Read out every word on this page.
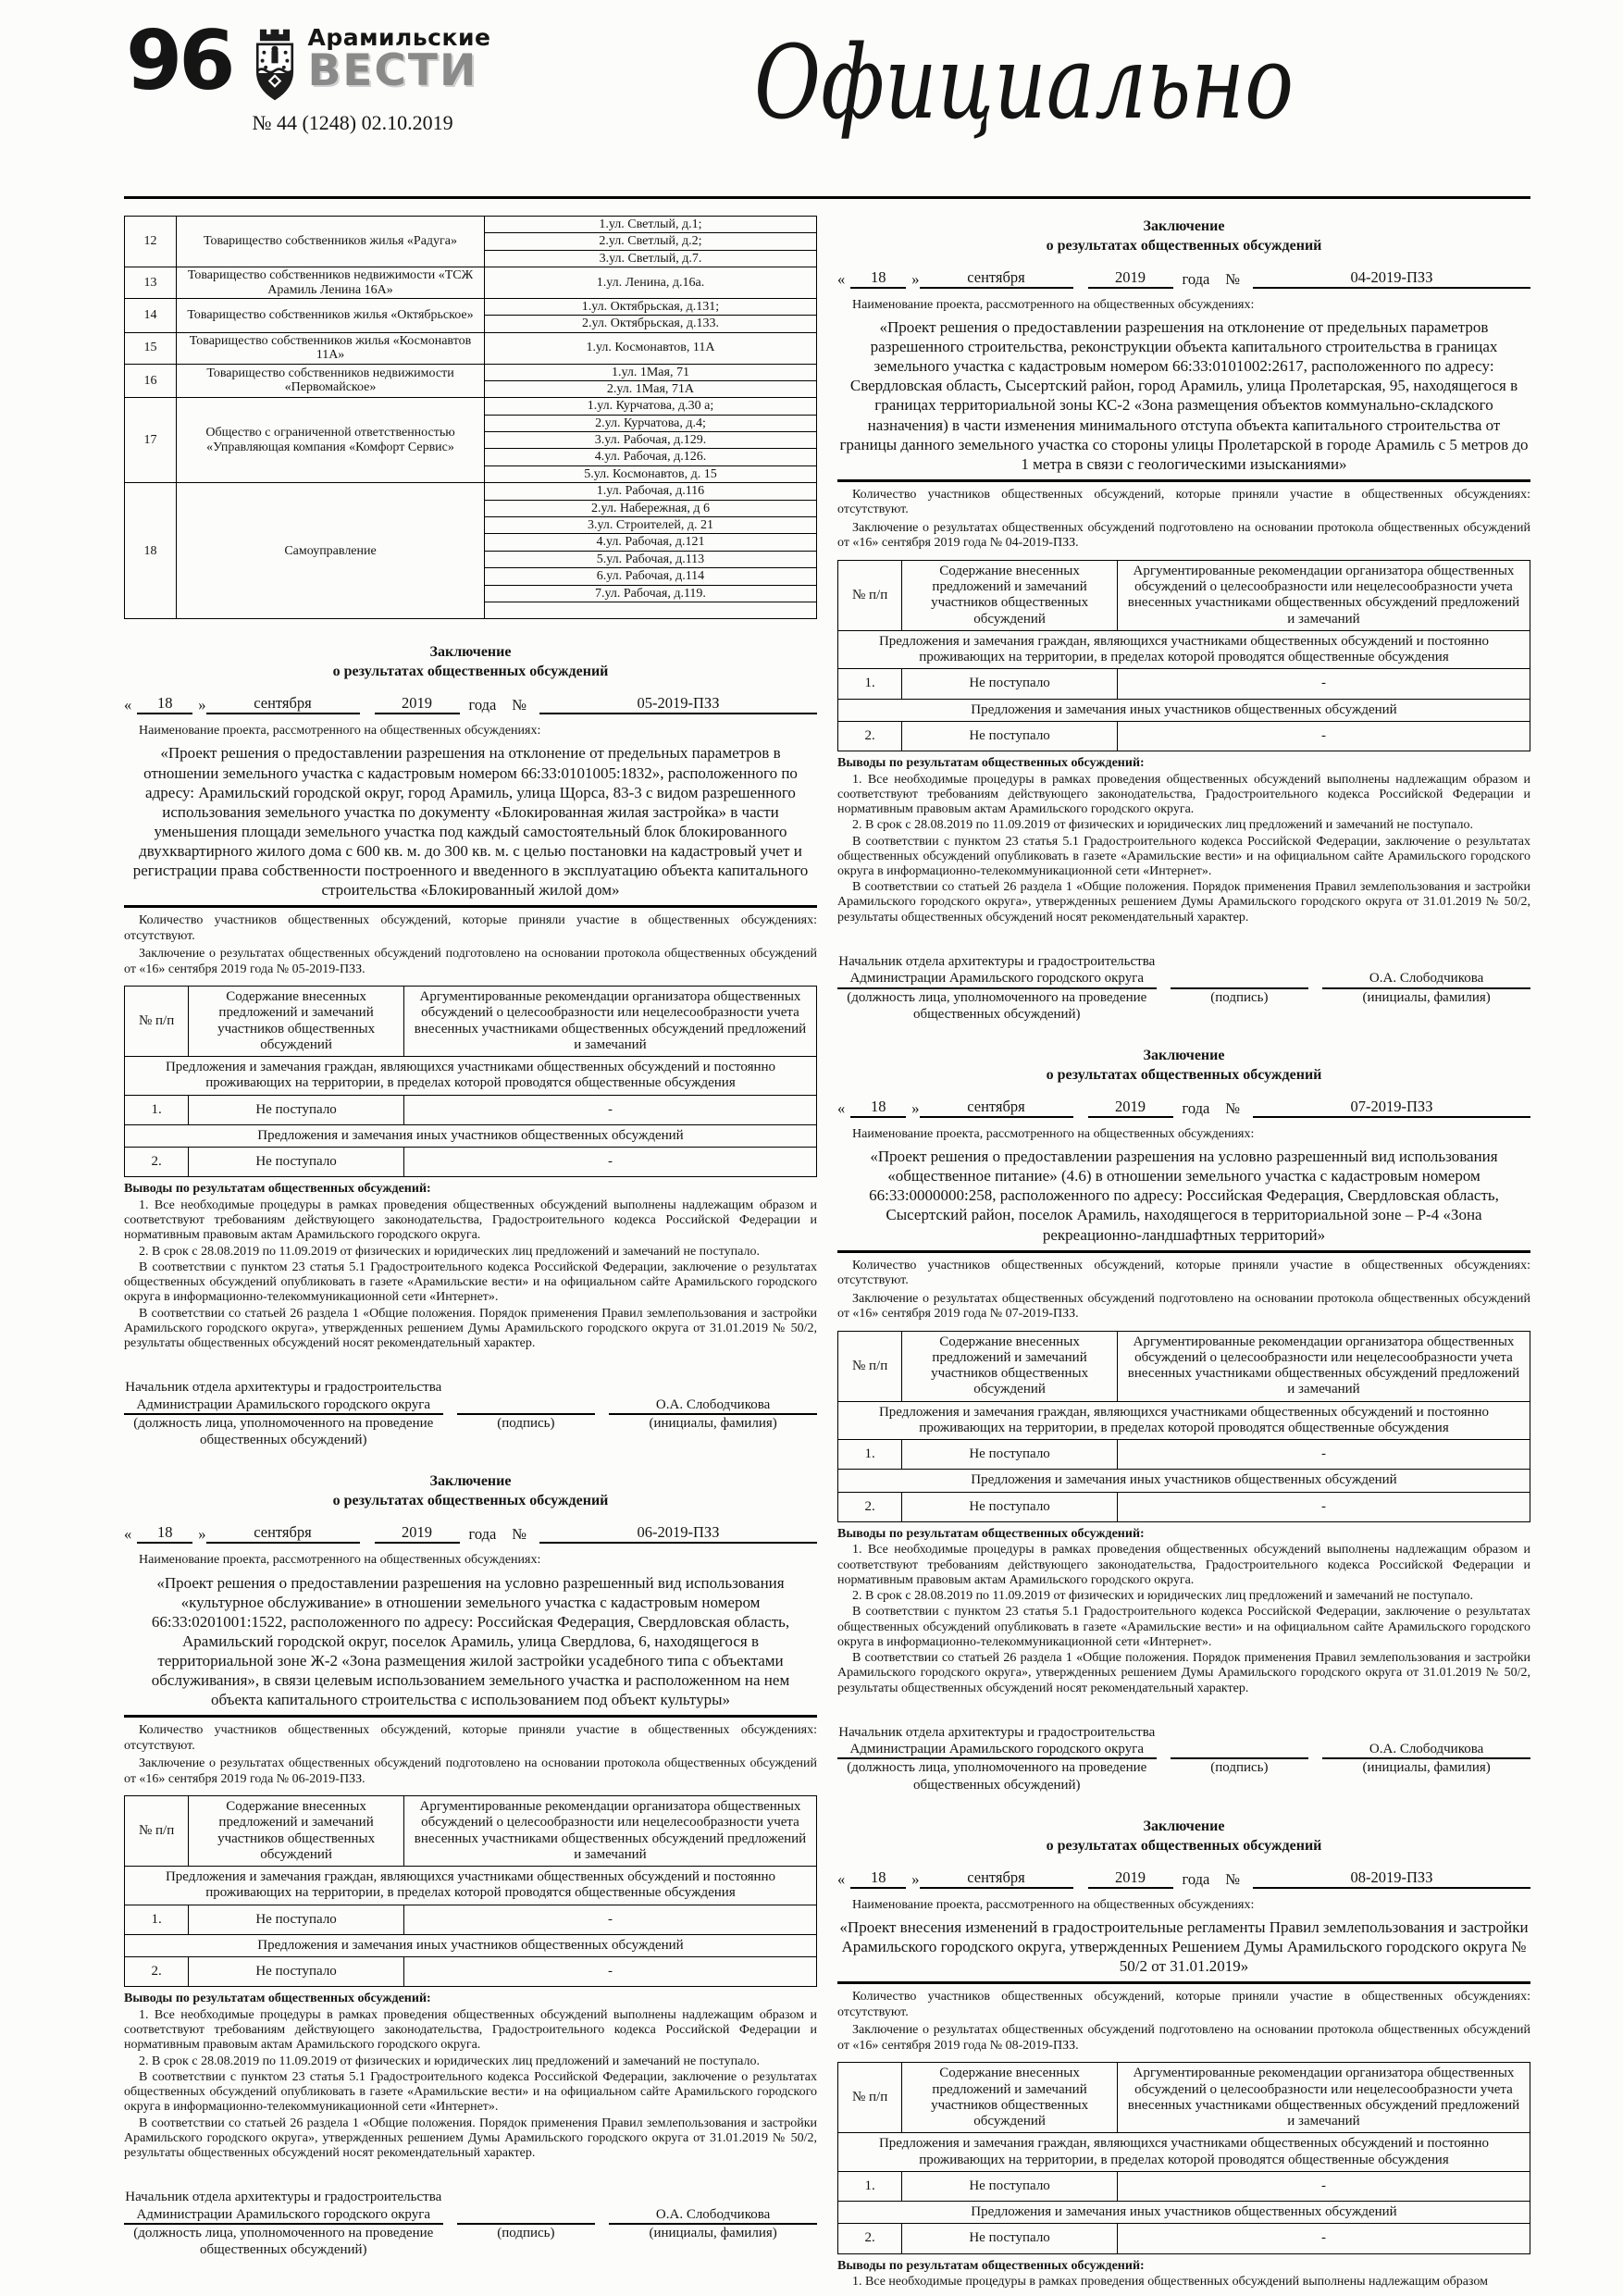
96	Арамильские
ВЕСТИ
№ 44 (1248) 02.10.2019	Официально
12	Товарищество собственников жилья «Радуга»	1.ул. Светлый, д.1;
		2.ул. Светлый, д.2;
		3.ул. Светлый, д.7.
13	Товарищество собственников недвижимости «ТСЖ Арамиль Ленина 16А»	1.ул. Ленина, д.16а.
14	Товарищество собственников жилья «Октябрьское»	1.ул. Октябрьская, д.131;
		2.ул. Октябрьская, д.133.
15	Товарищество собственников жилья «Космонавтов 11А»	1.ул. Космонавтов, 11А
16	Товарищество собственников недвижимости «Первомайское»	1.ул. 1Мая, 71
		2.ул. 1Мая, 71А
17	Общество с ограниченной ответственностью «Управляющая компания «Комфорт Сервис»	1.ул. Курчатова, д.30 а;
		2.ул. Курчатова, д.4;
		3.ул. Рабочая, д.129.
		4.ул. Рабочая, д.126.
		5.ул. Космонавтов, д. 15
18	Самоуправление	1.ул. Рабочая, д.116
		2.ул. Набережная, д 6
		3.ул. Строителей, д. 21
		4.ул. Рабочая, д.121
		5.ул. Рабочая, д.113
		6.ул. Рабочая, д.114
		7.ул. Рабочая, д.119.

Заключение
о результатах общественных обсуждений
«	18	»	сентября	2019	года №	05-2019-ПЗЗ

Наименование проекта, рассмотренного на общественных обсуждениях:

«Проект решения о предоставлении разрешения на отклонение от предельных параметров в отношении земельного участка с кадастровым номером 66:33:0101005:1832», расположенного по адресу: Арамильский городской округ, город Арамиль, улица Щорса, 83-3 с видом разрешенного использования земельного участка по документу «Блокированная жилая застройка» в части уменьшения площади земельного участка под каждый самостоятельный блок блокированного двухквартирного жилого дома с 600 кв. м. до 300 кв. м. с целью постановки на кадастровый учет и регистрации права собственности построенного и введенного в эксплуатацию объекта капитального строительства «Блокированный жилой дом»

Количество участников общественных обсуждений, которые приняли участие в общественных обсуждениях: отсутствуют.

Заключение о результатах общественных обсуждений подготовлено на основании протокола общественных обсуждений от «16» сентября 2019 года № 05-2019-ПЗЗ.

№ п/п	Содержание внесенных предложений и замечаний участников общественных обсуждений	Аргументированные рекомендации организатора общественных обсуждений о целесообразности или нецелесообразности учета внесенных участниками общественных обсуждений предложений и замечаний
Предложения и замечания граждан, являющихся участниками общественных обсуждений и постоянно проживающих на территории, в пределах которой проводятся общественные обсуждения		
1.	Не поступало	-
Предложения и замечания иных участников общественных обсуждений		
2.	Не поступало	-
Выводы по результатам общественных обсуждений:

1. Все необходимые процедуры в рамках проведения общественных обсуждений выполнены надлежащим образом и соответствуют требованиям действующего законодательства, Градостроительного кодекса Российской Федерации и нормативным правовым актам Арамильского городского округа.

2. В срок с 28.08.2019 по 11.09.2019 от физических и юридических лиц предложений и замечаний не поступало.

В соответствии с пунктом 23 статья 5.1 Градостроительного кодекса Российской Федерации, заключение о результатах общественных обсуждений опубликовать в газете «Арамильские вести» и на официальном сайте Арамильского городского округа в информационно-телекоммуникационной сети «Интернет».

В соответствии со статьей 26 раздела 1 «Общие положения. Порядок применения Правил землепользования и застройки Арамильского городского округа», утвержденных решением Думы Арамильского городского округа от 31.01.2019 № 50/2, результаты общественных обсуждений носят рекомендательный характер.

Начальник отдела архитектуры и градостроительства Администрации Арамильского городского округа	О.А. Слободчикова
(должность лица, уполномоченного на проведение общественных обсуждений)
(подпись)	(инициалы, фамилия)
Заключение
о результатах общественных обсуждений
«	18	»	сентября	2019	года №	06-2019-ПЗЗ

Наименование проекта, рассмотренного на общественных обсуждениях:

«Проект решения о предоставлении разрешения на условно разрешенный вид использования «культурное обслуживание» в отношении земельного участка с кадастровым номером 66:33:0201001:1522, расположенного по адресу: Российская Федерация, Свердловская область, Арамильский городской округ, поселок Арамиль, улица Свердлова, 6, находящегося в территориальной зоне Ж-2 «Зона размещения жилой застройки усадебного типа с объектами обслуживания», в связи целевым использованием земельного участка и расположенном на нем объекта капитального строительства с использованием под объект культуры»

Количество участников общественных обсуждений, которые приняли участие в общественных обсуждениях: отсутствуют.

Заключение о результатах общественных обсуждений подготовлено на основании протокола общественных обсуждений от «16» сентября 2019 года № 06-2019-ПЗЗ.

№ п/п	Содержание внесенных предложений и замечаний участников общественных обсуждений	Аргументированные рекомендации организатора общественных обсуждений о целесообразности или нецелесообразности учета внесенных участниками общественных обсуждений предложений и замечаний
Предложения и замечания граждан, являющихся участниками общественных обсуждений и постоянно проживающих на территории, в пределах которой проводятся общественные обсуждения		
1.	Не поступало	-
Предложения и замечания иных участников общественных обсуждений		
2.	Не поступало	-
Выводы по результатам общественных обсуждений:

1. Все необходимые процедуры в рамках проведения общественных обсуждений выполнены надлежащим образом и соответствуют требованиям действующего законодательства, Градостроительного кодекса Российской Федерации и нормативным правовым актам Арамильского городского округа.

2. В срок с 28.08.2019 по 11.09.2019 от физических и юридических лиц предложений и замечаний не поступало.

В соответствии с пунктом 23 статья 5.1 Градостроительного кодекса Российской Федерации, заключение о результатах общественных обсуждений опубликовать в газете «Арамильские вести» и на официальном сайте Арамильского городского округа в информационно-телекоммуникационной сети «Интернет».

В соответствии со статьей 26 раздела 1 «Общие положения. Порядок применения Правил землепользования и застройки Арамильского городского округа», утвержденных решением Думы Арамильского городского округа от 31.01.2019 № 50/2, результаты общественных обсуждений носят рекомендательный характер.

Начальник отдела архитектуры и градостроительства Администрации Арамильского городского округа	О.А. Слободчикова
(должность лица, уполномоченного на проведение общественных обсуждений)
(подпись)	(инициалы, фамилия)
Заключение
о результатах общественных обсуждений
«	18	»	сентября	2019	года №	04-2019-ПЗЗ

Наименование проекта, рассмотренного на общественных обсуждениях:

«Проект решения о предоставлении разрешения на отклонение от предельных параметров разрешенного строительства, реконструкции объекта капитального строительства в границах земельного участка с кадастровым номером 66:33:0101002:2617, расположенного по адресу: Свердловская область, Сысертский район, город Арамиль, улица Пролетарская, 95, находящегося в границах территориальной зоны КС-2 «Зона размещения объектов коммунально-складского назначения) в части изменения минимального отступа объекта капитального строительства от границы данного земельного участка со стороны улицы Пролетарской в городе Арамиль с 5 метров до 1 метра в связи с геологическими изысканиями»

Количество участников общественных обсуждений, которые приняли участие в общественных обсуждениях: отсутствуют.

Заключение о результатах общественных обсуждений подготовлено на основании протокола общественных обсуждений от «16» сентября 2019 года № 04-2019-ПЗЗ.

№ п/п	Содержание внесенных предложений и замечаний участников общественных обсуждений	Аргументированные рекомендации организатора общественных обсуждений о целесообразности или нецелесообразности учета внесенных участниками общественных обсуждений предложений и замечаний
Предложения и замечания граждан, являющихся участниками общественных обсуждений и постоянно проживающих на территории, в пределах которой проводятся общественные обсуждения		
1.	Не поступало	-
Предложения и замечания иных участников общественных обсуждений		
2.	Не поступало	-
Выводы по результатам общественных обсуждений:

1. Все необходимые процедуры в рамках проведения общественных обсуждений выполнены надлежащим образом и соответствуют требованиям действующего законодательства, Градостроительного кодекса Российской Федерации и нормативным правовым актам Арамильского городского округа.

2. В срок с 28.08.2019 по 11.09.2019 от физических и юридических лиц предложений и замечаний не поступало.

В соответствии с пунктом 23 статья 5.1 Градостроительного кодекса Российской Федерации, заключение о результатах общественных обсуждений опубликовать в газете «Арамильские вести» и на официальном сайте Арамильского городского округа в информационно-телекоммуникационной сети «Интернет».

В соответствии со статьей 26 раздела 1 «Общие положения. Порядок применения Правил землепользования и застройки Арамильского городского округа», утвержденных решением Думы Арамильского городского округа от 31.01.2019 № 50/2, результаты общественных обсуждений носят рекомендательный характер.

Начальник отдела архитектуры и градостроительства Администрации Арамильского городского округа	О.А. Слободчикова
(должность лица, уполномоченного на проведение общественных обсуждений)
(подпись)	(инициалы, фамилия)
Заключение
о результатах общественных обсуждений
«	18	»	сентября	2019	года №	07-2019-ПЗЗ

Наименование проекта, рассмотренного на общественных обсуждениях:

«Проект решения о предоставлении разрешения на условно разрешенный вид использования «общественное питание» (4.6) в отношении земельного участка с кадастровым номером 66:33:0000000:258, расположенного по адресу: Российская Федерация, Свердловская область, Сысертский район, поселок Арамиль, находящегося в территориальной зоне – Р-4 «Зона рекреационно-ландшафтных территорий»

Количество участников общественных обсуждений, которые приняли участие в общественных обсуждениях: отсутствуют.

Заключение о результатах общественных обсуждений подготовлено на основании протокола общественных обсуждений от «16» сентября 2019 года № 07-2019-ПЗЗ.

№ п/п	Содержание внесенных предложений и замечаний участников общественных обсуждений	Аргументированные рекомендации организатора общественных обсуждений о целесообразности или нецелесообразности учета внесенных участниками общественных обсуждений предложений и замечаний
Предложения и замечания граждан, являющихся участниками общественных обсуждений и постоянно проживающих на территории, в пределах которой проводятся общественные обсуждения		
1.	Не поступало	-
Предложения и замечания иных участников общественных обсуждений		
2.	Не поступало	-
Выводы по результатам общественных обсуждений:

1. Все необходимые процедуры в рамках проведения общественных обсуждений выполнены надлежащим образом и соответствуют требованиям действующего законодательства, Градостроительного кодекса Российской Федерации и нормативным правовым актам Арамильского городского округа.

2. В срок с 28.08.2019 по 11.09.2019 от физических и юридических лиц предложений и замечаний не поступало.

В соответствии с пунктом 23 статья 5.1 Градостроительного кодекса Российской Федерации, заключение о результатах общественных обсуждений опубликовать в газете «Арамильские вести» и на официальном сайте Арамильского городского округа в информационно-телекоммуникационной сети «Интернет».

В соответствии со статьей 26 раздела 1 «Общие положения. Порядок применения Правил землепользования и застройки Арамильского городского округа», утвержденных решением Думы Арамильского городского округа от 31.01.2019 № 50/2, результаты общественных обсуждений носят рекомендательный характер.

Начальник отдела архитектуры и градостроительства Администрации Арамильского городского округа	О.А. Слободчикова
(должность лица, уполномоченного на проведение общественных обсуждений)
(подпись)	(инициалы, фамилия)
Заключение
о результатах общественных обсуждений
«	18	»	сентября	2019	года №	08-2019-ПЗЗ

Наименование проекта, рассмотренного на общественных обсуждениях:

«Проект внесения изменений в градостроительные регламенты Правил землепользования и застройки Арамильского городского округа, утвержденных Решением Думы Арамильского городского округа № 50/2 от 31.01.2019»

Количество участников общественных обсуждений, которые приняли участие в общественных обсуждениях: отсутствуют.

Заключение о результатах общественных обсуждений подготовлено на основании протокола общественных обсуждений от «16» сентября 2019 года № 08-2019-ПЗЗ.

№ п/п	Содержание внесенных предложений и замечаний участников общественных обсуждений	Аргументированные рекомендации организатора общественных обсуждений о целесообразности или нецелесообразности учета внесенных участниками общественных обсуждений предложений и замечаний
Предложения и замечания граждан, являющихся участниками общественных обсуждений и постоянно проживающих на территории, в пределах которой проводятся общественные обсуждения		
1.	Не поступало	-
Предложения и замечания иных участников общественных обсуждений		
2.	Не поступало	-
Выводы по результатам общественных обсуждений:

1. Все необходимые процедуры в рамках проведения общественных обсуждений выполнены надлежащим образом
